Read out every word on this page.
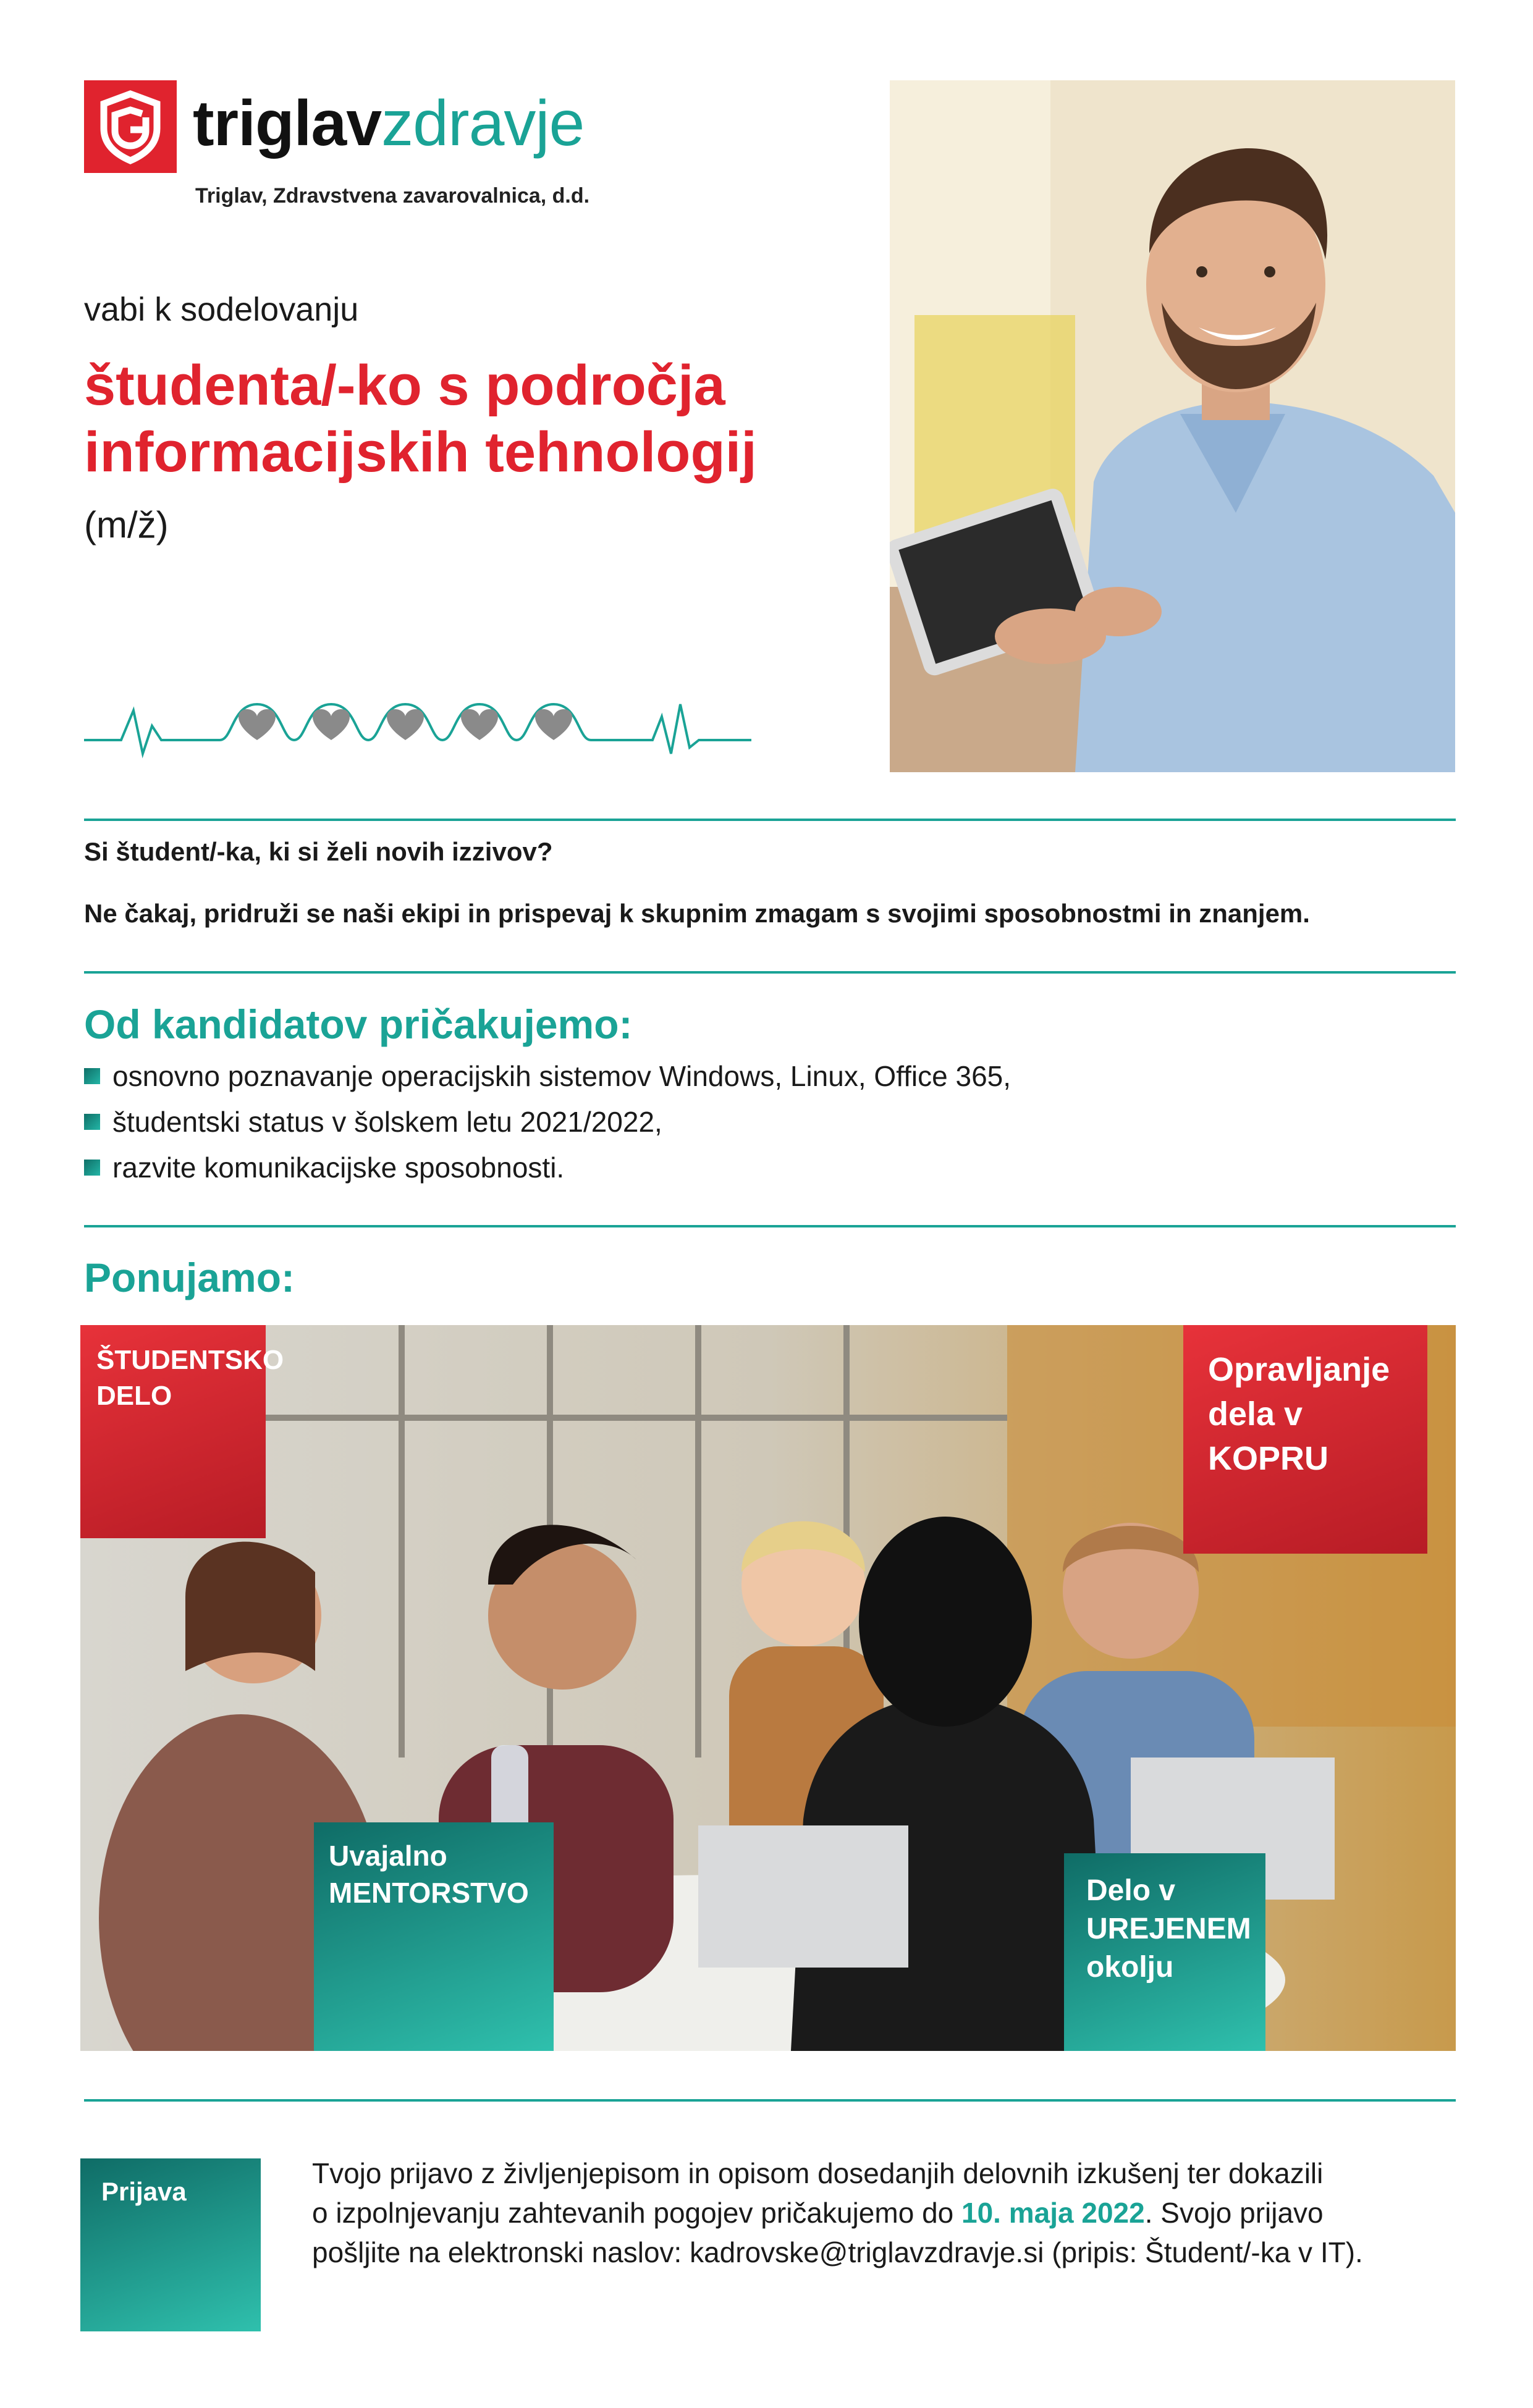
triglavzdravje
Triglav, Zdravstvena zavarovalnica, d.d.
vabi k sodelovanju
študenta/-ko s področja
informacijskih tehnologij
(m/ž)
Si študent/-ka, ki si želi novih izzivov?
Ne čakaj, pridruži se naši ekipi in prispevaj k skupnim zmagam s svojimi sposobnostmi in znanjem.
Od kandidatov pričakujemo:
osnovno poznavanje operacijskih sistemov Windows, Linux, Office 365,
študentski status v šolskem letu 2021/2022,
razvite komunikacijske sposobnosti.
Ponujamo:
ŠTUDENTSKO
DELO
Opravljanje
dela v
KOPRU
Uvajalno
MENTORSTVO	Delo v
UREJENEM
okolju
Prijava
Tvojo prijavo z življenjepisom in opisom dosedanjih delovnih izkušenj ter dokazili
o izpolnjevanju zahtevanih pogojev pričakujemo do 10. maja 2022. Svojo prijavo
pošljite na elektronski naslov: kadrovske@triglavzdravje.si (pripis: Študent/-ka v IT).
